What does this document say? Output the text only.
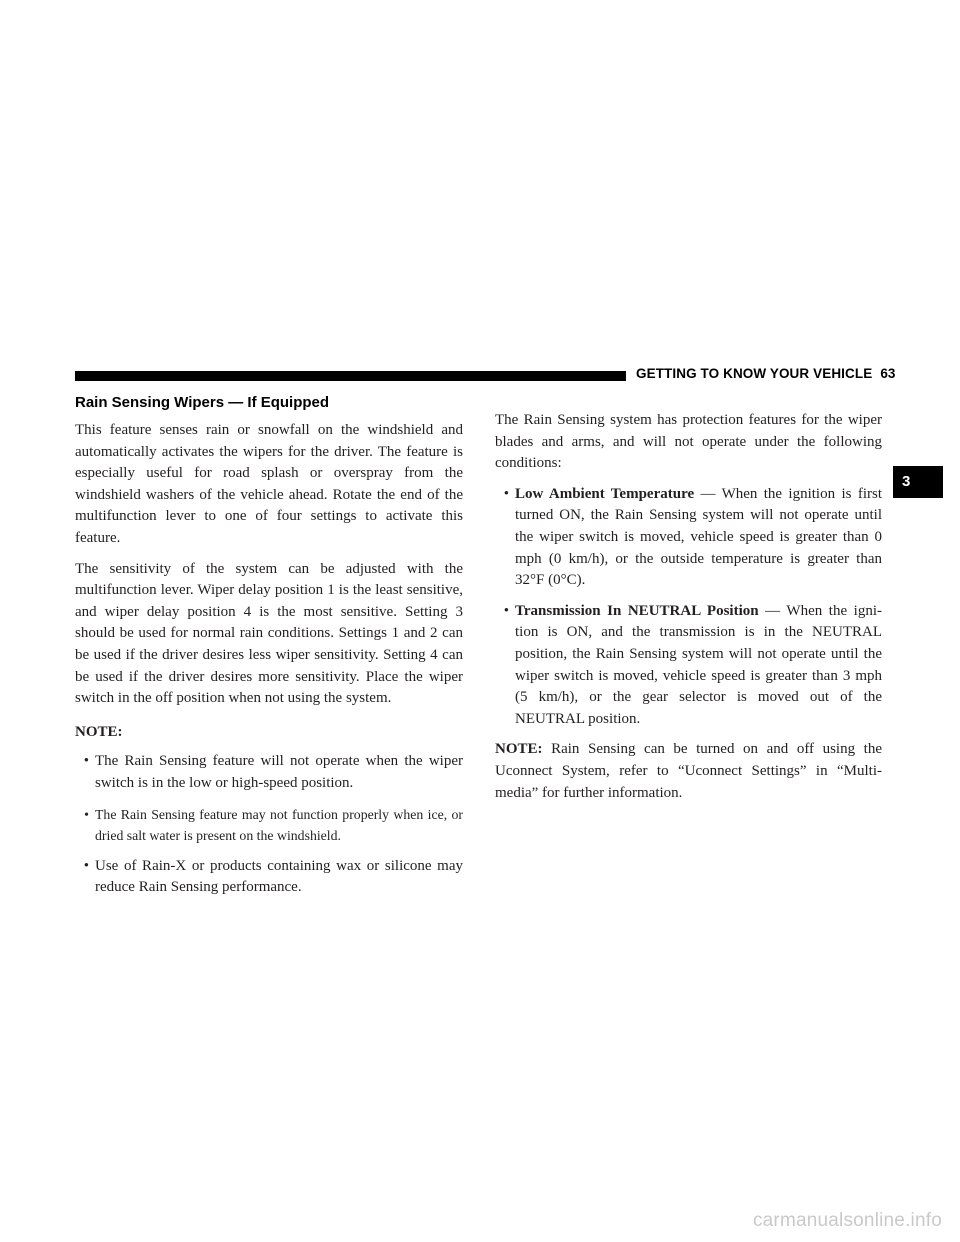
GETTING TO KNOW YOUR VEHICLE 63
3
Rain Sensing Wipers — If Equipped

This feature senses rain or snowfall on the windshield and automatically activates the wipers for the driver. The feature is especially useful for road splash or overspray from the windshield washers of the vehicle ahead. Rotate the end of the multifunction lever to one of four settings to activate this feature.

The sensitivity of the system can be adjusted with the multifunction lever. Wiper delay position 1 is the least sensitive, and wiper delay position 4 is the most sensitive. Setting 3 should be used for normal rain conditions. Settings 1 and 2 can be used if the driver desires less wiper sensitivity. Setting 4 can be used if the driver desires more sensitivity. Place the wiper switch in the off position when not using the system.

NOTE:
• The Rain Sensing feature will not operate when the wiper switch is in the low or high-speed position.
• The Rain Sensing feature may not function properly when ice, or dried salt water is present on the windshield.
• Use of Rain-X or products containing wax or silicone may reduce Rain Sensing performance.

The Rain Sensing system has protection features for the wiper blades and arms, and will not operate under the following conditions:

• Low Ambient Temperature — When the ignition is first turned ON, the Rain Sensing system will not operate until the wiper switch is moved, vehicle speed is greater than 0 mph (0 km/h), or the outside temperature is greater than 32°F (0°C).
• Transmission In NEUTRAL Position — When the igni-tion is ON, and the transmission is in the NEUTRAL position, the Rain Sensing system will not operate until the wiper switch is moved, vehicle speed is greater than 3 mph (5 km/h), or the gear selector is moved out of the NEUTRAL position.

NOTE: Rain Sensing can be turned on and off using the Uconnect System, refer to “Uconnect Settings” in “Multi-media” for further information.

carmanualsonline.info
